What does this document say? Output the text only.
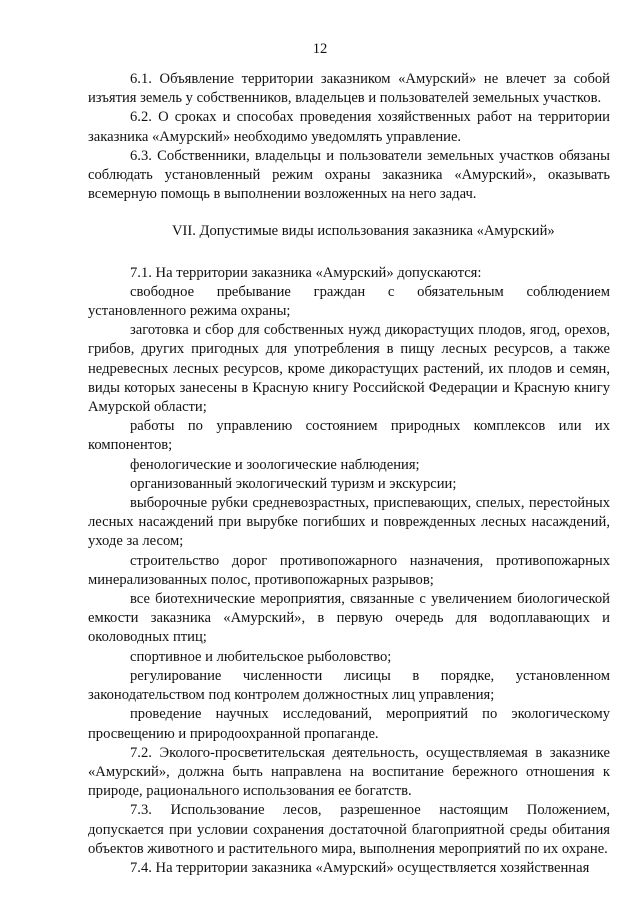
12

6.1. Объявление территории заказником «Амурский» не влечет за собой изъятия земель у собственников, владельцев и пользователей земельных участков.

6.2. О сроках и способах проведения хозяйственных работ на территории заказника «Амурский» необходимо уведомлять управление.

6.3. Собственники, владельцы и пользователи земельных участков обязаны соблюдать установленный режим охраны заказника «Амурский», оказывать всемерную помощь в выполнении возложенных на него задач.

VII. Допустимые виды использования заказника «Амурский»

7.1. На территории заказника «Амурский» допускаются:

свободное пребывание граждан с обязательным соблюдением установленного режима охраны;

заготовка и сбор для собственных нужд дикорастущих плодов, ягод, орехов, грибов, других пригодных для употребления в пищу лесных ресурсов, а также недревесных лесных ресурсов, кроме дикорастущих растений, их плодов и семян, виды которых занесены в Красную книгу Российской Федерации и Красную книгу Амурской области;

работы по управлению состоянием природных комплексов или их компонентов;

фенологические и зоологические наблюдения;

организованный экологический туризм и экскурсии;

выборочные рубки средневозрастных, приспевающих, спелых, перестойных лесных насаждений при вырубке погибших и поврежденных лесных насаждений, уходе за лесом;

строительство дорог противопожарного назначения, противопожарных минерализованных полос, противопожарных разрывов;

все биотехнические мероприятия, связанные с увеличением биологической емкости заказника «Амурский», в первую очередь для водоплавающих и околоводных птиц;

спортивное и любительское рыболовство;

регулирование численности лисицы в порядке, установленном законодательством под контролем должностных лиц управления;

проведение научных исследований, мероприятий по экологическому просвещению и природоохранной пропаганде.

7.2. Эколого-просветительская деятельность, осуществляемая в заказнике «Амурский», должна быть направлена на воспитание бережного отношения к природе, рационального использования ее богатств.

7.3. Использование лесов, разрешенное настоящим Положением, допускается при условии сохранения достаточной благоприятной среды обитания объектов животного и растительного мира, выполнения мероприятий по их охране.

7.4. На территории заказника «Амурский» осуществляется хозяйственная
